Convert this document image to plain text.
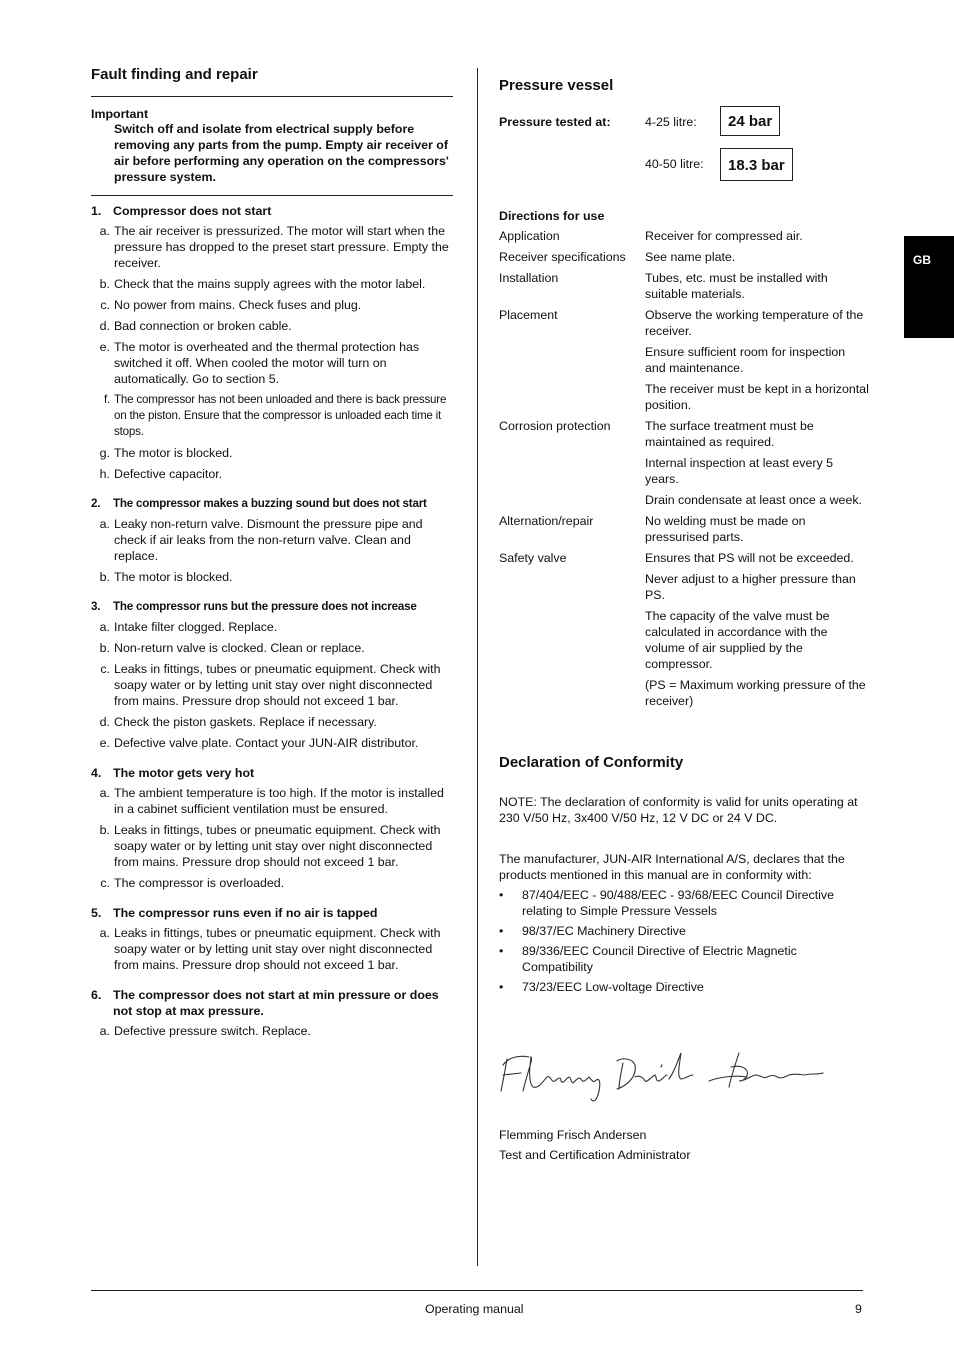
Fault finding and repair
Important
Switch off and isolate from electrical supply before removing any parts from the pump. Empty air receiver of air before performing any operation on the compressors' pressure system.
1. Compressor does not start
a. The air receiver is pressurized. The motor will start when the pressure has dropped to the preset start pressure. Empty the receiver.
b. Check that the mains supply agrees with the motor label.
c. No power from mains. Check fuses and plug.
d. Bad connection or broken cable.
e. The motor is overheated and the thermal protection has switched it off. When cooled the motor will turn on automatically. Go to section 5.
f. The compressor has not been unloaded and there is back pressure on the piston. Ensure that the compressor is unloaded each time it stops.
g. The motor is blocked.
h. Defective capacitor.
2.	The compressor makes a buzzing sound but does not start
a. Leaky non-return valve. Dismount the pressure pipe and check if air leaks from the non-return valve. Clean and replace.
b. The motor is blocked.
3.	The compressor runs but the pressure does not increase
a. Intake filter clogged. Replace.
b. Non-return valve is clocked. Clean or replace.
c. Leaks in fittings, tubes or pneumatic equipment. Check with soapy water or by letting unit stay over night disconnected from mains. Pressure drop should not exceed 1 bar.
d. Check the piston gaskets. Replace if necessary.
e. Defective valve plate. Contact your JUN-AIR distributor.
4. The motor gets very hot
a. The ambient temperature is too high. If the motor is installed in a cabinet sufficient ventilation must be ensured.
b. Leaks in fittings, tubes or pneumatic equipment. Check with soapy water or by letting unit stay over night disconnected from mains. Pressure drop should not exceed 1 bar.
c. The compressor is overloaded.
5. The compressor runs even if no air is tapped
a. Leaks in fittings, tubes or pneumatic equipment. Check with soapy water or by letting unit stay over night disconnected from mains. Pressure drop should not exceed 1 bar.
6. The compressor does not start at min pressure or does not stop at max pressure.
a. Defective pressure switch. Replace.
Pressure vessel
Pressure tested at:	4-25 litre:	24 bar
40-50 litre:	18.3 bar
Directions for use
Application	Receiver for compressed air.
Receiver specifications	See name plate.
Installation	Tubes, etc. must be installed with suitable materials.
Placement	Observe the working temperature of the receiver.
Ensure sufficient room for inspection and maintenance.
The receiver must be kept in a horizontal position.
Corrosion protection	The surface treatment must be maintained as required.
Internal inspection at least every 5 years.
Drain condensate at least once a week.
Alternation/repair	No welding must be made on pressurised parts.
Safety valve	Ensures that PS will not be exceeded.
Never adjust to a higher pressure than PS.
The capacity of the valve must be calculated in accordance with the volume of air supplied by the compressor.
(PS = Maximum working pressure of the receiver)
Declaration of Conformity
NOTE: The declaration of conformity is valid for units operating at 230 V/50 Hz, 3x400 V/50 Hz, 12 V DC or 24 V DC.
The manufacturer, JUN-AIR International A/S, declares that the products mentioned in this manual are in conformity with:
•	87/404/EEC - 90/488/EEC - 93/68/EEC Council Directive relating to Simple Pressure Vessels
•	98/37/EC Machinery Directive
•	89/336/EEC Council Directive of Electric Magnetic Compatibility
•	73/23/EEC Low-voltage Directive
Flemming Frisch Andersen
Test and Certification Administrator
GB
Operating manual	9
